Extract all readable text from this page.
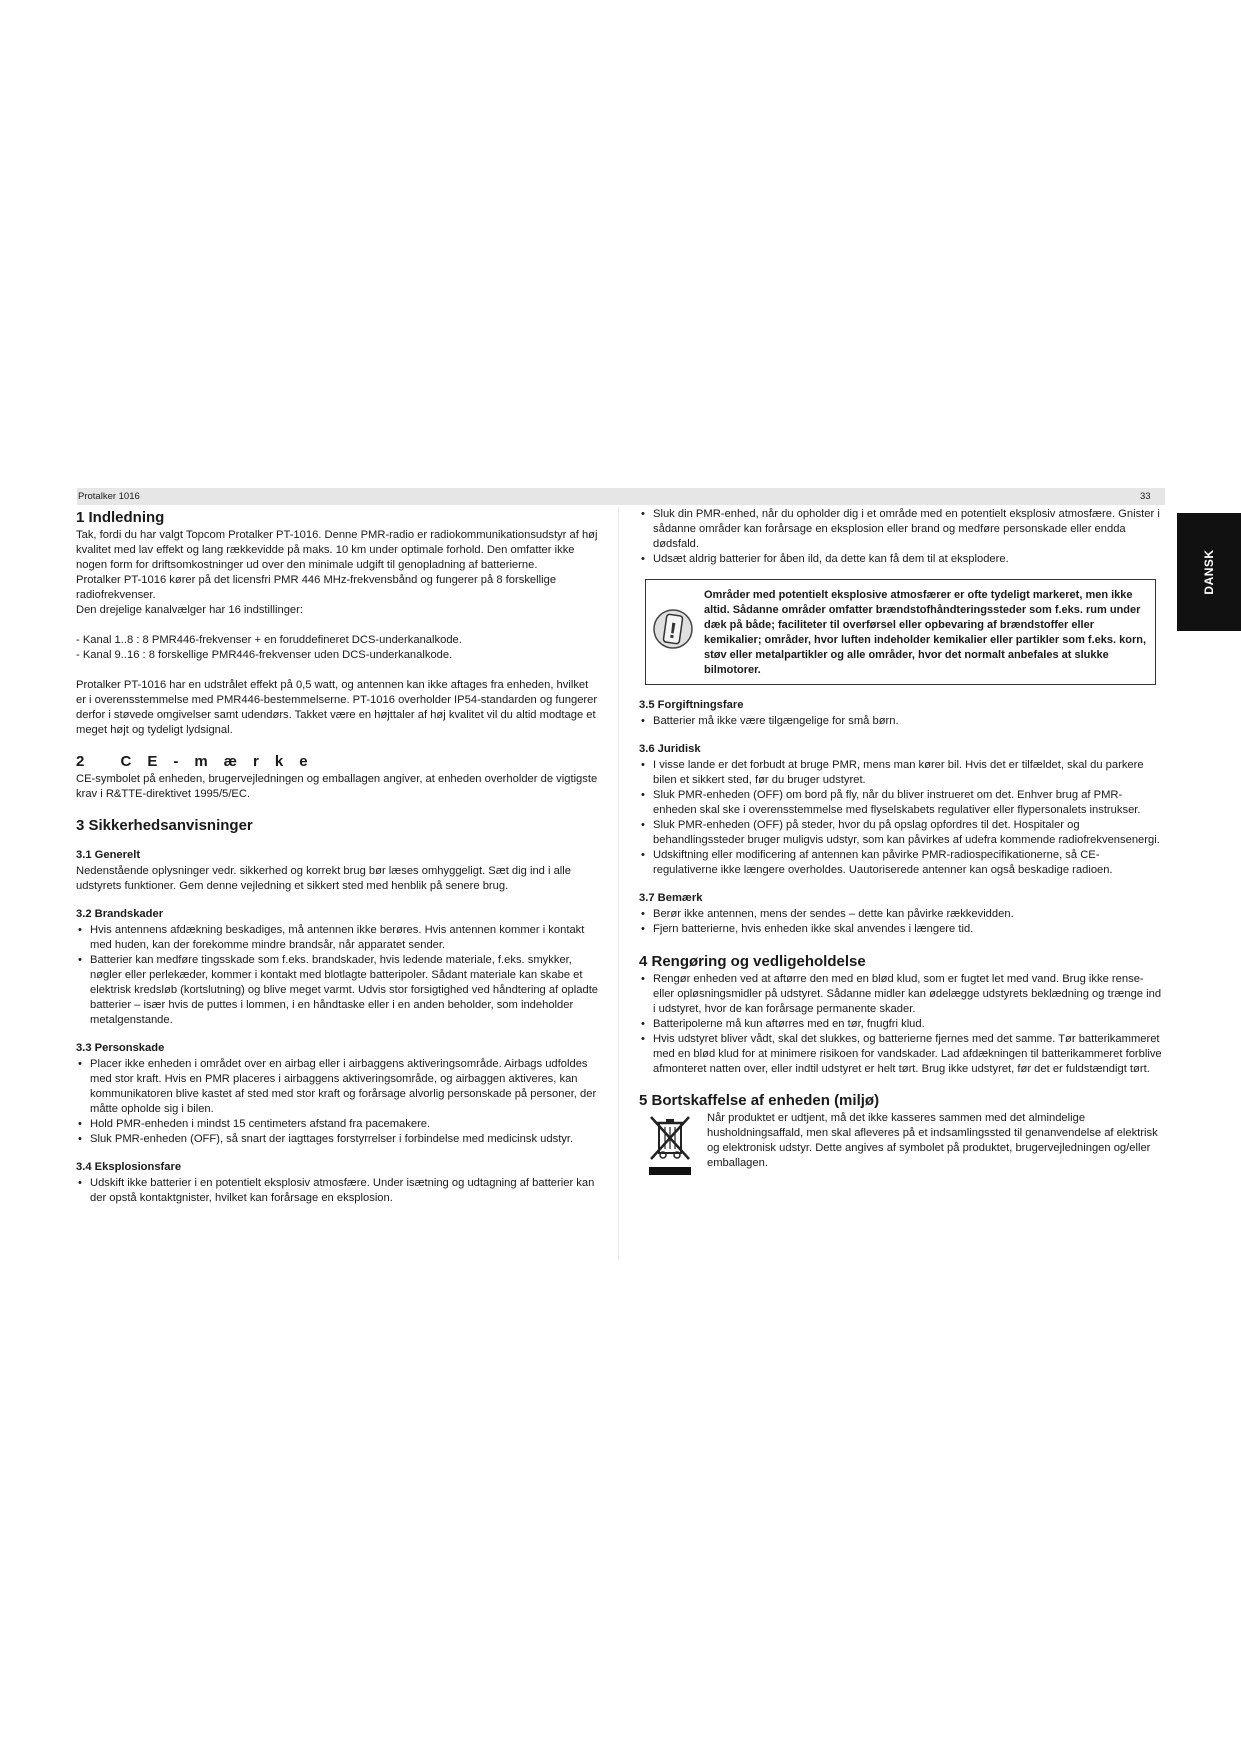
Protalker 1016	33
DANSK
1 Indledning

Tak, fordi du har valgt Topcom Protalker PT-1016. Denne PMR-radio er radiokommunikationsudstyr af høj kvalitet med lav effekt og lang rækkevidde på maks. 10 km under optimale forhold. Den omfatter ikke nogen form for driftsomkostninger ud over den minimale udgift til genopladning af batterierne.

Protalker PT-1016 kører på det licensfri PMR 446 MHz-frekvensbånd og fungerer på 8 forskellige radiofrekvenser.

Den drejelige kanalvælger har 16 indstillinger:

- Kanal 1..8 : 8 PMR446-frekvenser + en foruddefineret DCS-underkanalkode.

- Kanal 9..16 : 8 forskellige PMR446-frekvenser uden DCS-underkanalkode.

Protalker PT-1016 har en udstrålet effekt på 0,5 watt, og antennen kan ikke aftages fra enheden, hvilket er i overensstemmelse med PMR446-bestemmelserne. PT-1016 overholder IP54-standarden og fungerer derfor i støvede omgivelser samt udendørs. Takket være en højttaler af høj kvalitet vil du altid modtage et meget højt og tydeligt lydsignal.

2 CE-mærke

CE-symbolet på enheden, brugervejledningen og emballagen angiver, at enheden overholder de vigtigste krav i R&TTE-direktivet 1995/5/EC.

3 Sikkerhedsanvisninger
3.1 Generelt

Nedenstående oplysninger vedr. sikkerhed og korrekt brug bør læses omhyggeligt. Sæt dig ind i alle udstyrets funktioner. Gem denne vejledning et sikkert sted med henblik på senere brug.

3.2 Brandskader

• Hvis antennens afdækning beskadiges, må antennen ikke berøres. Hvis antennen kommer i kontakt med huden, kan der forekomme mindre brandsår, når apparatet sender.

• Batterier kan medføre tingsskade som f.eks. brandskader, hvis ledende materiale, f.eks. smykker, nøgler eller perlekæder, kommer i kontakt med blotlagte batteripoler. Sådant materiale kan skabe et elektrisk kredsløb (kortslutning) og blive meget varmt. Udvis stor forsigtighed ved håndtering af opladte batterier – især hvis de puttes i lommen, i en håndtaske eller i en anden beholder, som indeholder metalgenstande.

3.3 Personskade

• Placer ikke enheden i området over en airbag eller i airbaggens aktiveringsområde. Airbags udfoldes med stor kraft. Hvis en PMR placeres i airbaggens aktiveringsområde, og airbaggen aktiveres, kan kommunikatoren blive kastet af sted med stor kraft og forårsage alvorlig personskade på personer, der måtte opholde sig i bilen.

• Hold PMR-enheden i mindst 15 centimeters afstand fra pacemakere.

• Sluk PMR-enheden (OFF), så snart der iagttages forstyrrelser i forbindelse med medicinsk udstyr.

3.4 Eksplosionsfare

• Udskift ikke batterier i en potentielt eksplosiv atmosfære. Under isætning og udtagning af batterier kan der opstå kontaktgnister, hvilket kan forårsage en eksplosion.

• Sluk din PMR-enhed, når du opholder dig i et område med en potentielt eksplosiv atmosfære. Gnister i sådanne områder kan forårsage en eksplosion eller brand og medføre personskade eller endda dødsfald.

• Udsæt aldrig batterier for åben ild, da dette kan få dem til at eksplodere.

!
Områder med potentielt eksplosive atmosfærer er ofte tydeligt markeret, men ikke altid. Sådanne områder omfatter brændstofhåndteringssteder som f.eks. rum under dæk på både; faciliteter til overførsel eller opbevaring af brændstoffer eller kemikalier; områder, hvor luften indeholder kemikalier eller partikler som f.eks. korn, støv eller metalpartikler og alle områder, hvor det normalt anbefales at slukke bilmotorer.
3.5 Forgiftningsfare

• Batterier må ikke være tilgængelige for små børn.

3.6 Juridisk

• I visse lande er det forbudt at bruge PMR, mens man kører bil. Hvis det er tilfældet, skal du parkere bilen et sikkert sted, før du bruger udstyret.

• Sluk PMR-enheden (OFF) om bord på fly, når du bliver instrueret om det. Enhver brug af PMR-enheden skal ske i overensstemmelse med flyselskabets regulativer eller flypersonalets instrukser.

• Sluk PMR-enheden (OFF) på steder, hvor du på opslag opfordres til det. Hospitaler og behandlingssteder bruger muligvis udstyr, som kan påvirkes af udefra kommende radiofrekvensenergi.

• Udskiftning eller modificering af antennen kan påvirke PMR-radiospecifikationerne, så CE-regulativerne ikke længere overholdes. Uautoriserede antenner kan også beskadige radioen.

3.7 Bemærk

• Berør ikke antennen, mens der sendes – dette kan påvirke rækkevidden.

• Fjern batterierne, hvis enheden ikke skal anvendes i længere tid.

4 Rengøring og vedligeholdelse

• Rengør enheden ved at aftørre den med en blød klud, som er fugtet let med vand. Brug ikke rense- eller opløsningsmidler på udstyret. Sådanne midler kan ødelægge udstyrets beklædning og trænge ind i udstyret, hvor de kan forårsage permanente skader.

• Batteripolerne må kun aftørres med en tør, fnugfri klud.

• Hvis udstyret bliver vådt, skal det slukkes, og batterierne fjernes med det samme. Tør batterikammeret med en blød klud for at minimere risikoen for vandskader. Lad afdækningen til batterikammeret forblive afmonteret natten over, eller indtil udstyret er helt tørt. Brug ikke udstyret, før det er fuldstændigt tørt.

5 Bortskaffelse af enheden (miljø)

Når produktet er udtjent, må det ikke kasseres sammen med det almindelige husholdningsaffald, men skal afleveres på et indsamlingssted til genanvendelse af elektrisk og elektronisk udstyr. Dette angives af symbolet på produktet, brugervejledningen og/eller emballagen.
